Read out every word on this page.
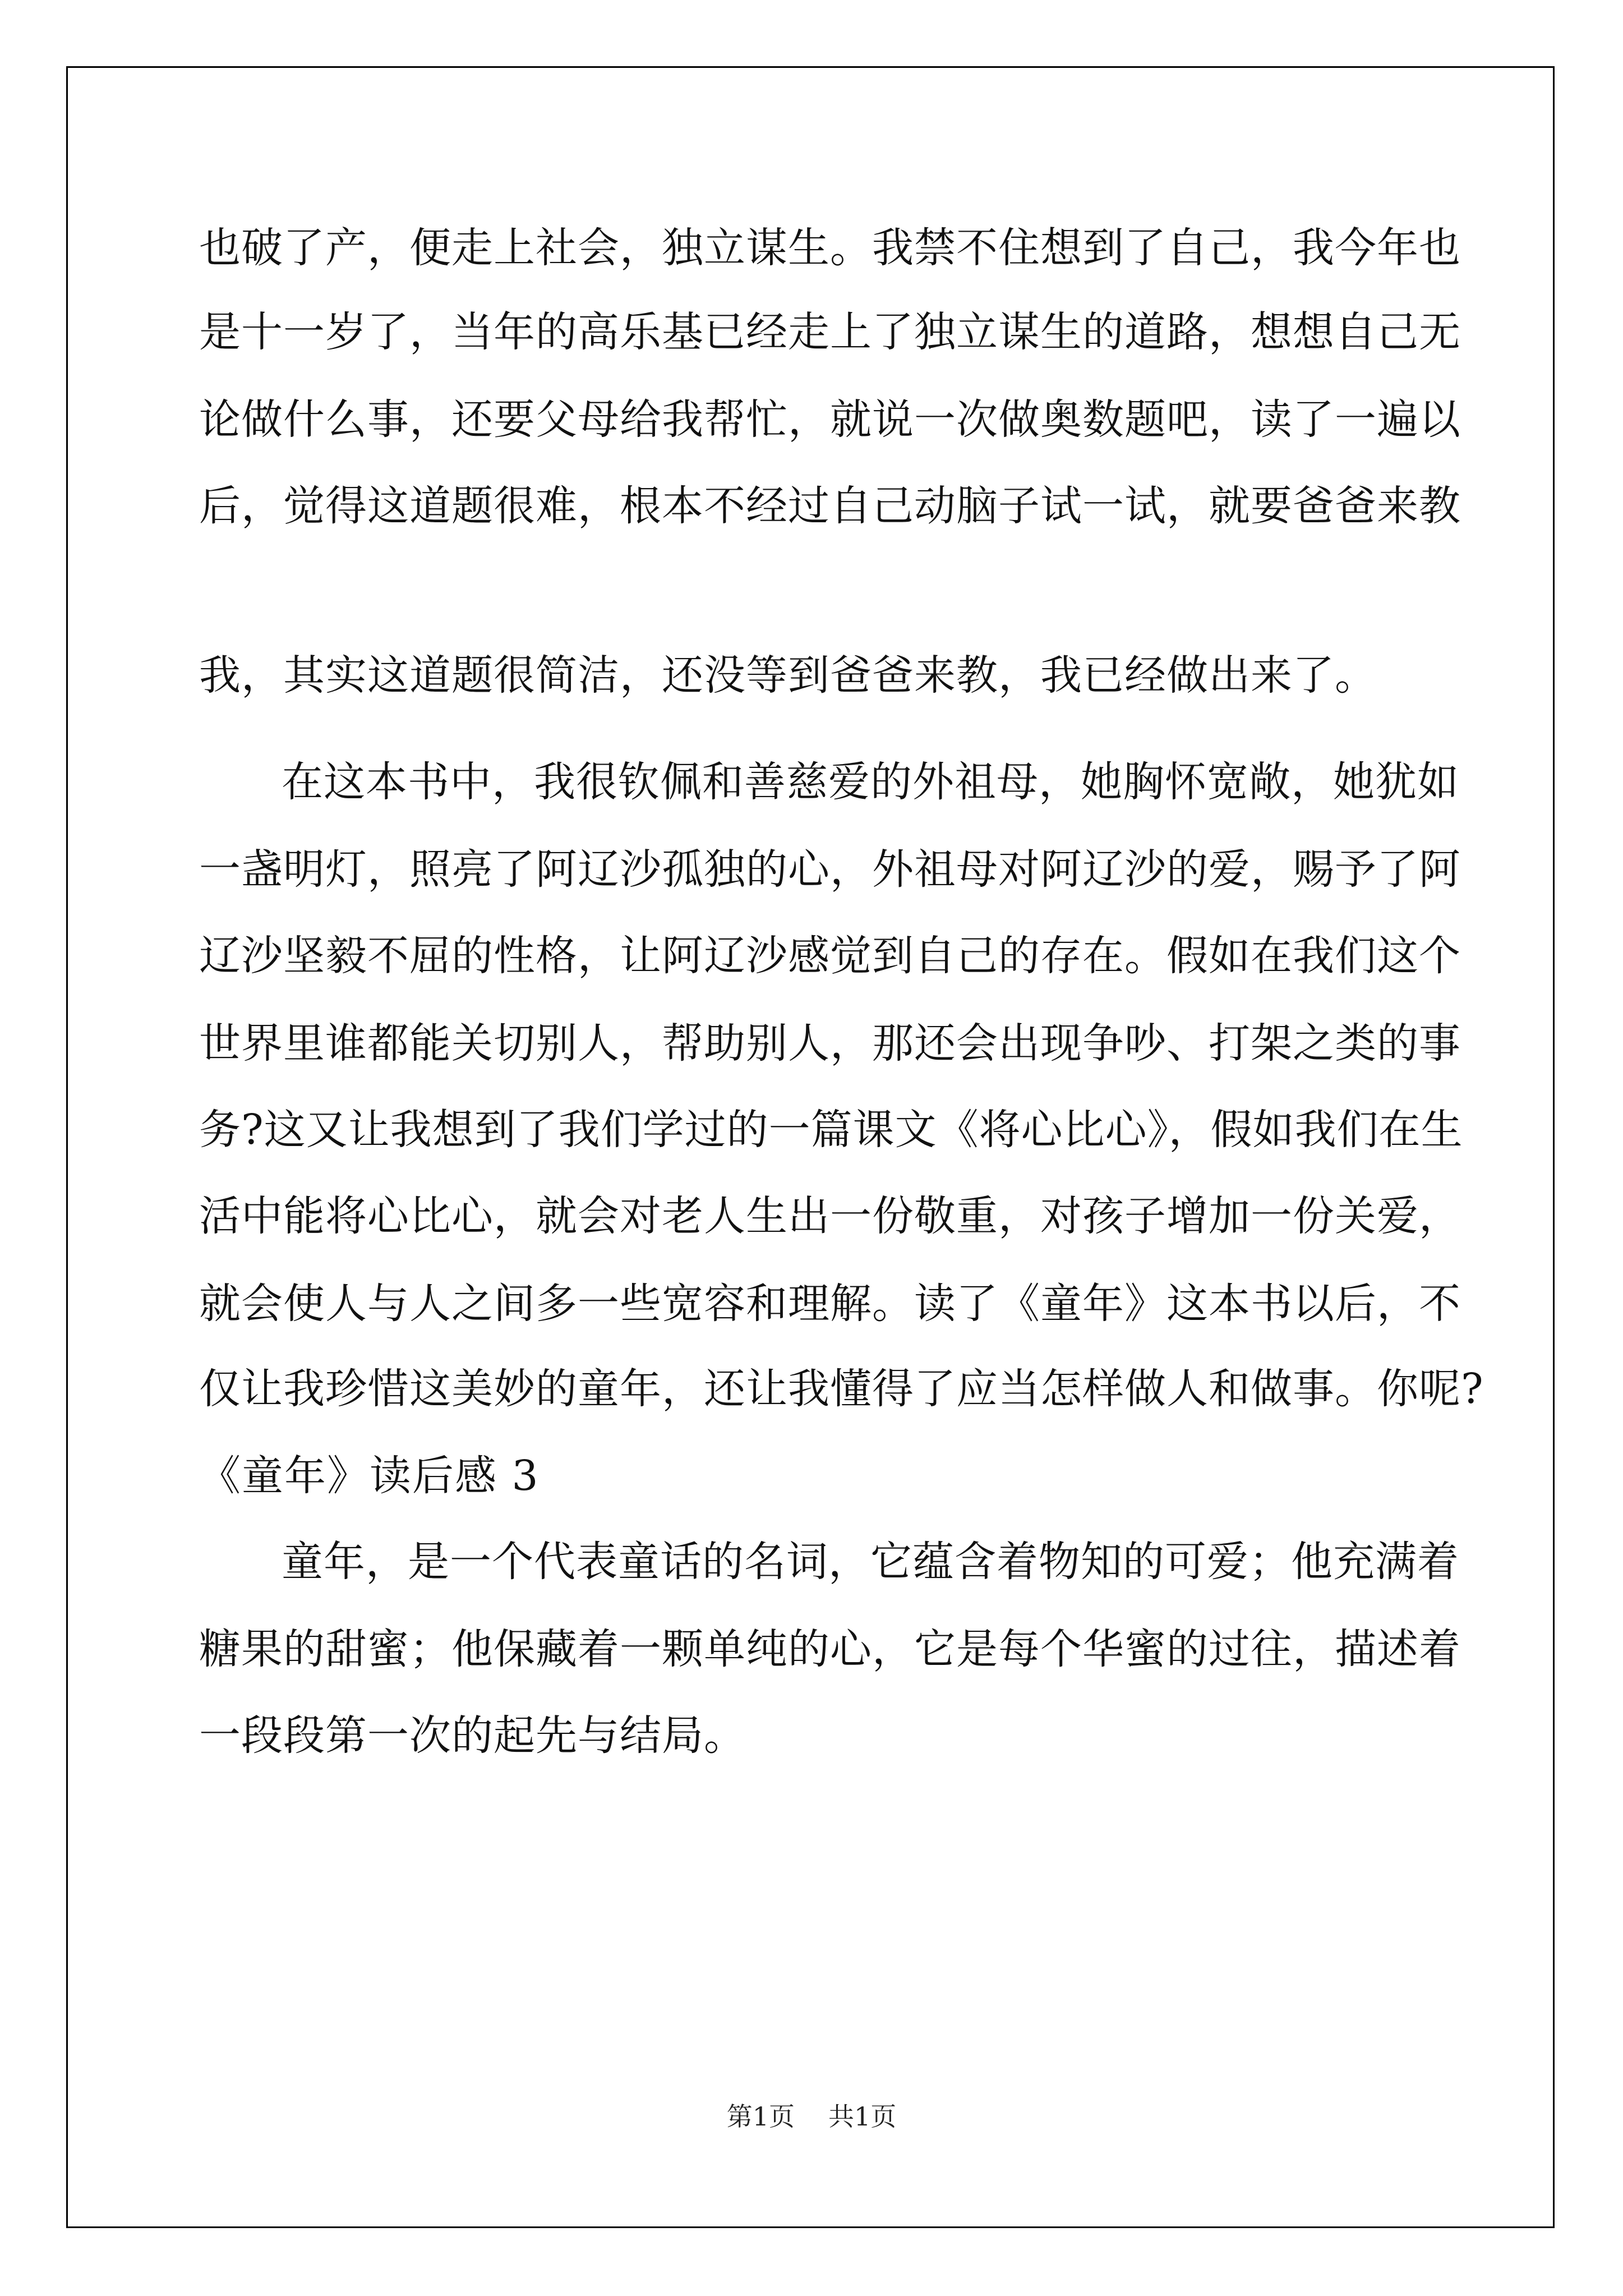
也破了产，便走上社会，独立谋生。我禁不住想到了自己，我今年也
是十一岁了，当年的高乐基已经走上了独立谋生的道路，想想自己无
论做什么事，还要父母给我帮忙，就说一次做奥数题吧，读了一遍以
后，觉得这道题很难，根本不经过自己动脑子试一试，就要爸爸来教
我，其实这道题很简洁，还没等到爸爸来教，我已经做出来了。
在这本书中，我很钦佩和善慈爱的外祖母，她胸怀宽敞，她犹如
一盏明灯，照亮了阿辽沙孤独的心，外祖母对阿辽沙的爱，赐予了阿
辽沙坚毅不屈的性格，让阿辽沙感觉到自己的存在。假如在我们这个
世界里谁都能关切别人，帮助别人，那还会出现争吵、打架之类的事
务?这又让我想到了我们学过的一篇课文《将心比心》，假如我们在生
活中能将心比心，就会对老人生出一份敬重，对孩子增加一份关爱，
就会使人与人之间多一些宽容和理解。读了《童年》这本书以后，不
仅让我珍惜这美妙的童年，还让我懂得了应当怎样做人和做事。你呢?
《童年》读后感 3
童年，是一个代表童话的名词，它蕴含着物知的可爱；他充满着
糖果的甜蜜；他保藏着一颗单纯的心，它是每个华蜜的过往，描述着
一段段第一次的起先与结局。
第1页 共1页
